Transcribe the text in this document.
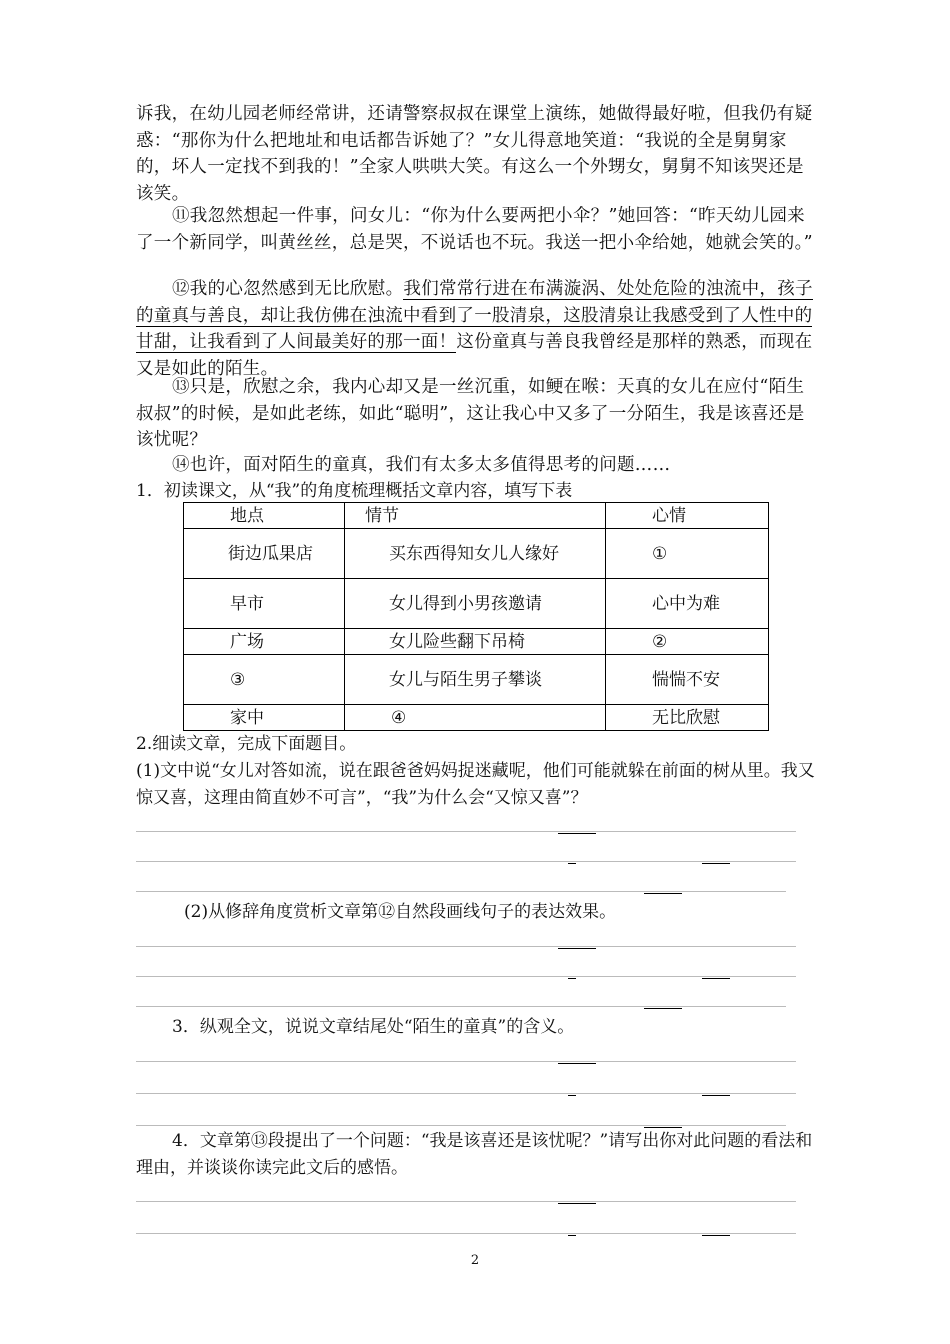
诉我，在幼儿园老师经常讲，还请警察叔叔在课堂上演练，她做得最好啦，但我仍有疑惑：“那你为什么把地址和电话都告诉她了？”女儿得意地笑道：“我说的全是舅舅家的，坏人一定找不到我的！”全家人哄哄大笑。有这么一个外甥女，舅舅不知该哭还是该笑。

⑪我忽然想起一件事，问女儿：“你为什么要两把小伞？”她回答：“昨天幼儿园来了一个新同学，叫黄丝丝，总是哭，不说话也不玩。我送一把小伞给她，她就会笑的。”

⑫我的心忽然感到无比欣慰。我们常常行进在布满漩涡、处处危险的浊流中，孩子的童真与善良，却让我仿佛在浊流中看到了一股清泉，这股清泉让我感受到了人性中的甘甜，让我看到了人间最美好的那一面！这份童真与善良我曾经是那样的熟悉，而现在又是如此的陌生。

⑬只是，欣慰之余，我内心却又是一丝沉重，如鲠在喉：天真的女儿在应付“陌生叔叔”的时候，是如此老练，如此“聪明”，这让我心中又多了一分陌生，我是该喜还是该忧呢？

⑭也许，面对陌生的童真，我们有太多太多值得思考的问题……

1．初读课文，从“我”的角度梳理概括文章内容，填写下表

地点	情节	心情
街边瓜果店	买东西得知女儿人缘好	①
早市	女儿得到小男孩邀请	心中为难
广场	女儿险些翻下吊椅	②
③	女儿与陌生男子攀谈	惴惴不安
家中	④	无比欣慰

2.细读文章，完成下面题目。

(1)文中说“女儿对答如流，说在跟爸爸妈妈捉迷藏呢，他们可能就躲在前面的树从里。我又惊又喜，这理由简直妙不可言”，“我”为什么会“又惊又喜”？

(2)从修辞角度赏析文章第⑫自然段画线句子的表达效果。

3．纵观全文，说说文章结尾处“陌生的童真”的含义。

4．文章第⑬段提出了一个问题：“我是该喜还是该忧呢？”请写出你对此问题的看法和理由，并谈谈你读完此文后的感悟。

2
